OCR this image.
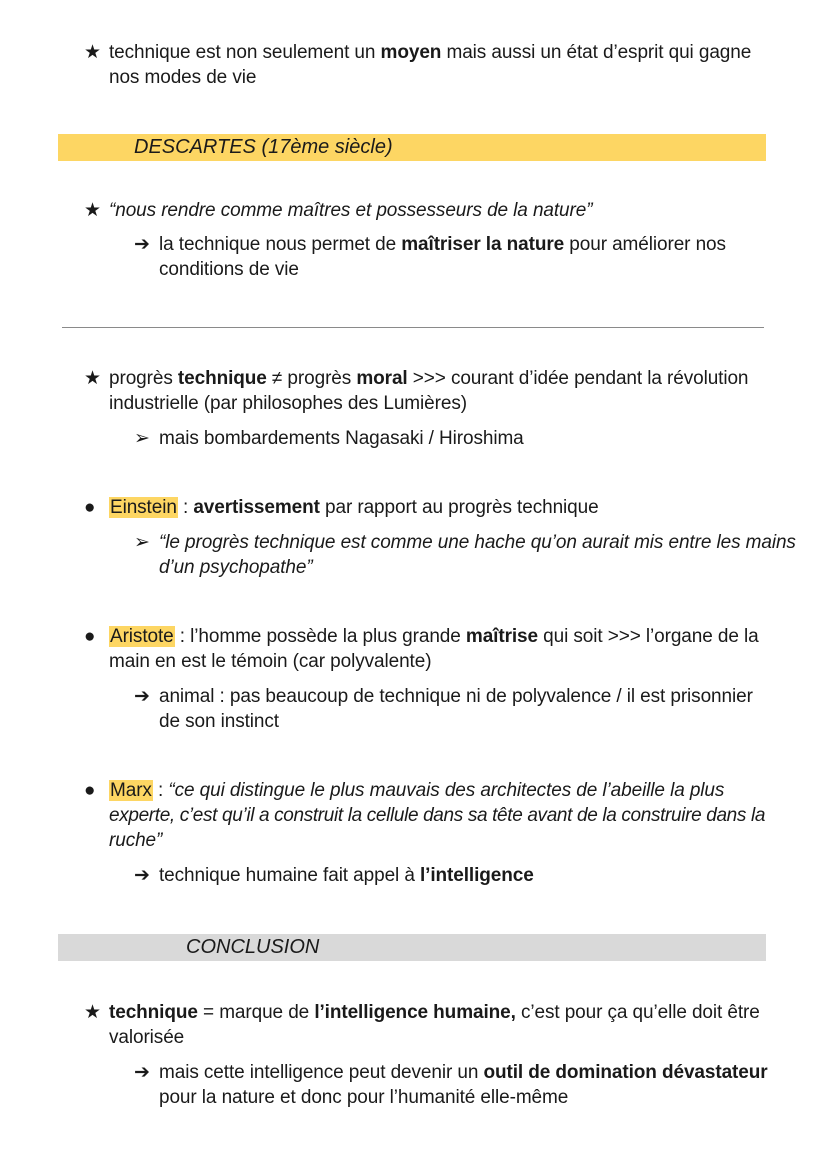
★ technique est non seulement un moyen mais aussi un état d’esprit qui gagne
nos modes de vie
DESCARTES (17ème siècle)
★ “nous rendre comme maîtres et possesseurs de la nature”
➔ la technique nous permet de maîtriser la nature pour améliorer nos
conditions de vie
★ progrès technique ≠ progrès moral >>> courant d’idée pendant la révolution
industrielle (par philosophes des Lumières)
➢ mais bombardements Nagasaki / Hiroshima
● Einstein : avertissement par rapport au progrès technique
➢ “le progrès technique est comme une hache qu’on aurait mis entre les mains
d’un psychopathe”
● Aristote : l’homme possède la plus grande maîtrise qui soit >>> l’organe de la
main en est le témoin (car polyvalente)
➔ animal : pas beaucoup de technique ni de polyvalence / il est prisonnier
de son instinct
● Marx : “ce qui distingue le plus mauvais des architectes de l’abeille la plus
experte, c’est qu’il a construit la cellule dans sa tête avant de la construire dans la
ruche”
➔ technique humaine fait appel à l’intelligence
CONCLUSION
★ technique = marque de l’intelligence humaine, c’est pour ça qu’elle doit être
valorisée
➔ mais cette intelligence peut devenir un outil de domination dévastateur
pour la nature et donc pour l’humanité elle-même
